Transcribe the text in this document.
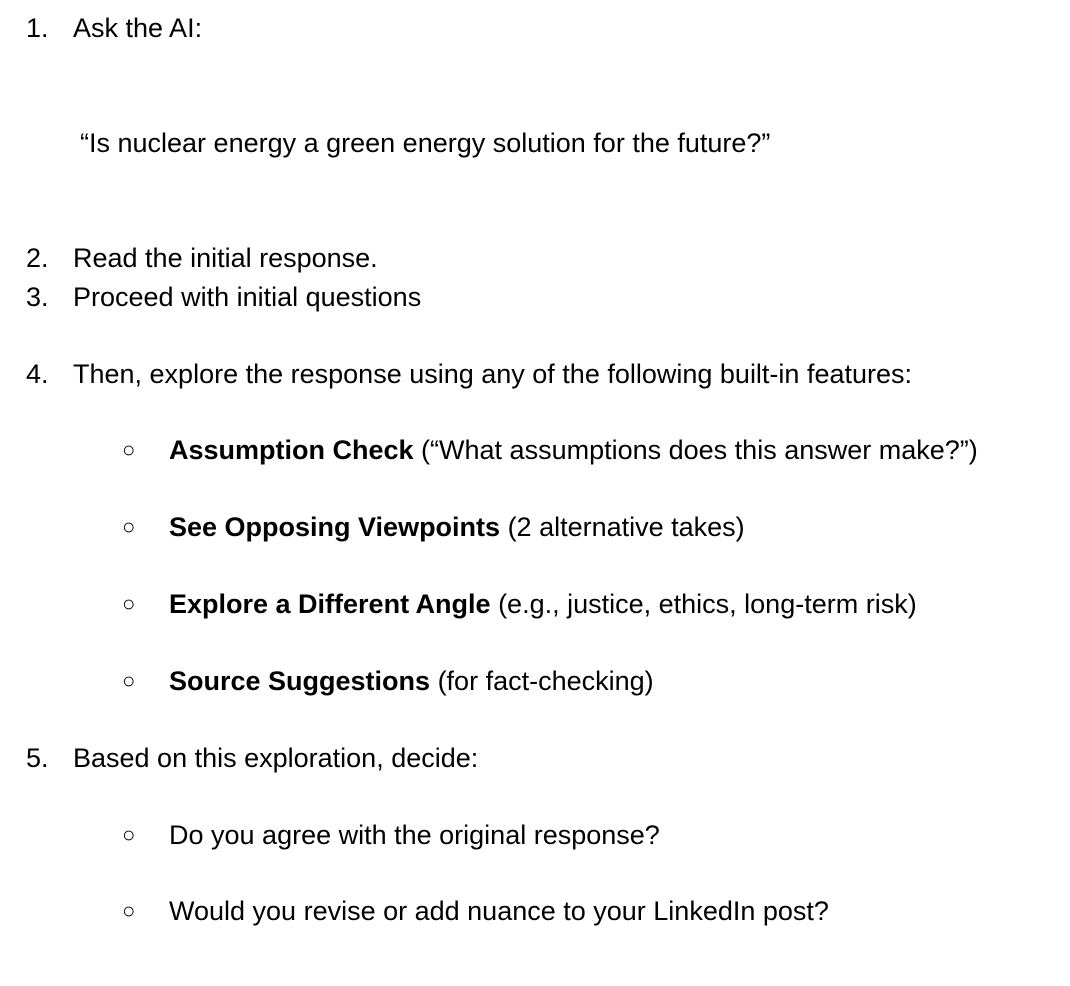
1. Ask the AI:
“Is nuclear energy a green energy solution for the future?”
2. Read the initial response.
3. Proceed with initial questions
4. Then, explore the response using any of the following built-in features:
○ Assumption Check (“What assumptions does this answer make?”)
○ See Opposing Viewpoints (2 alternative takes)
○ Explore a Different Angle (e.g., justice, ethics, long-term risk)
○ Source Suggestions (for fact-checking)
5. Based on this exploration, decide:
○ Do you agree with the original response?
○ Would you revise or add nuance to your LinkedIn post?
